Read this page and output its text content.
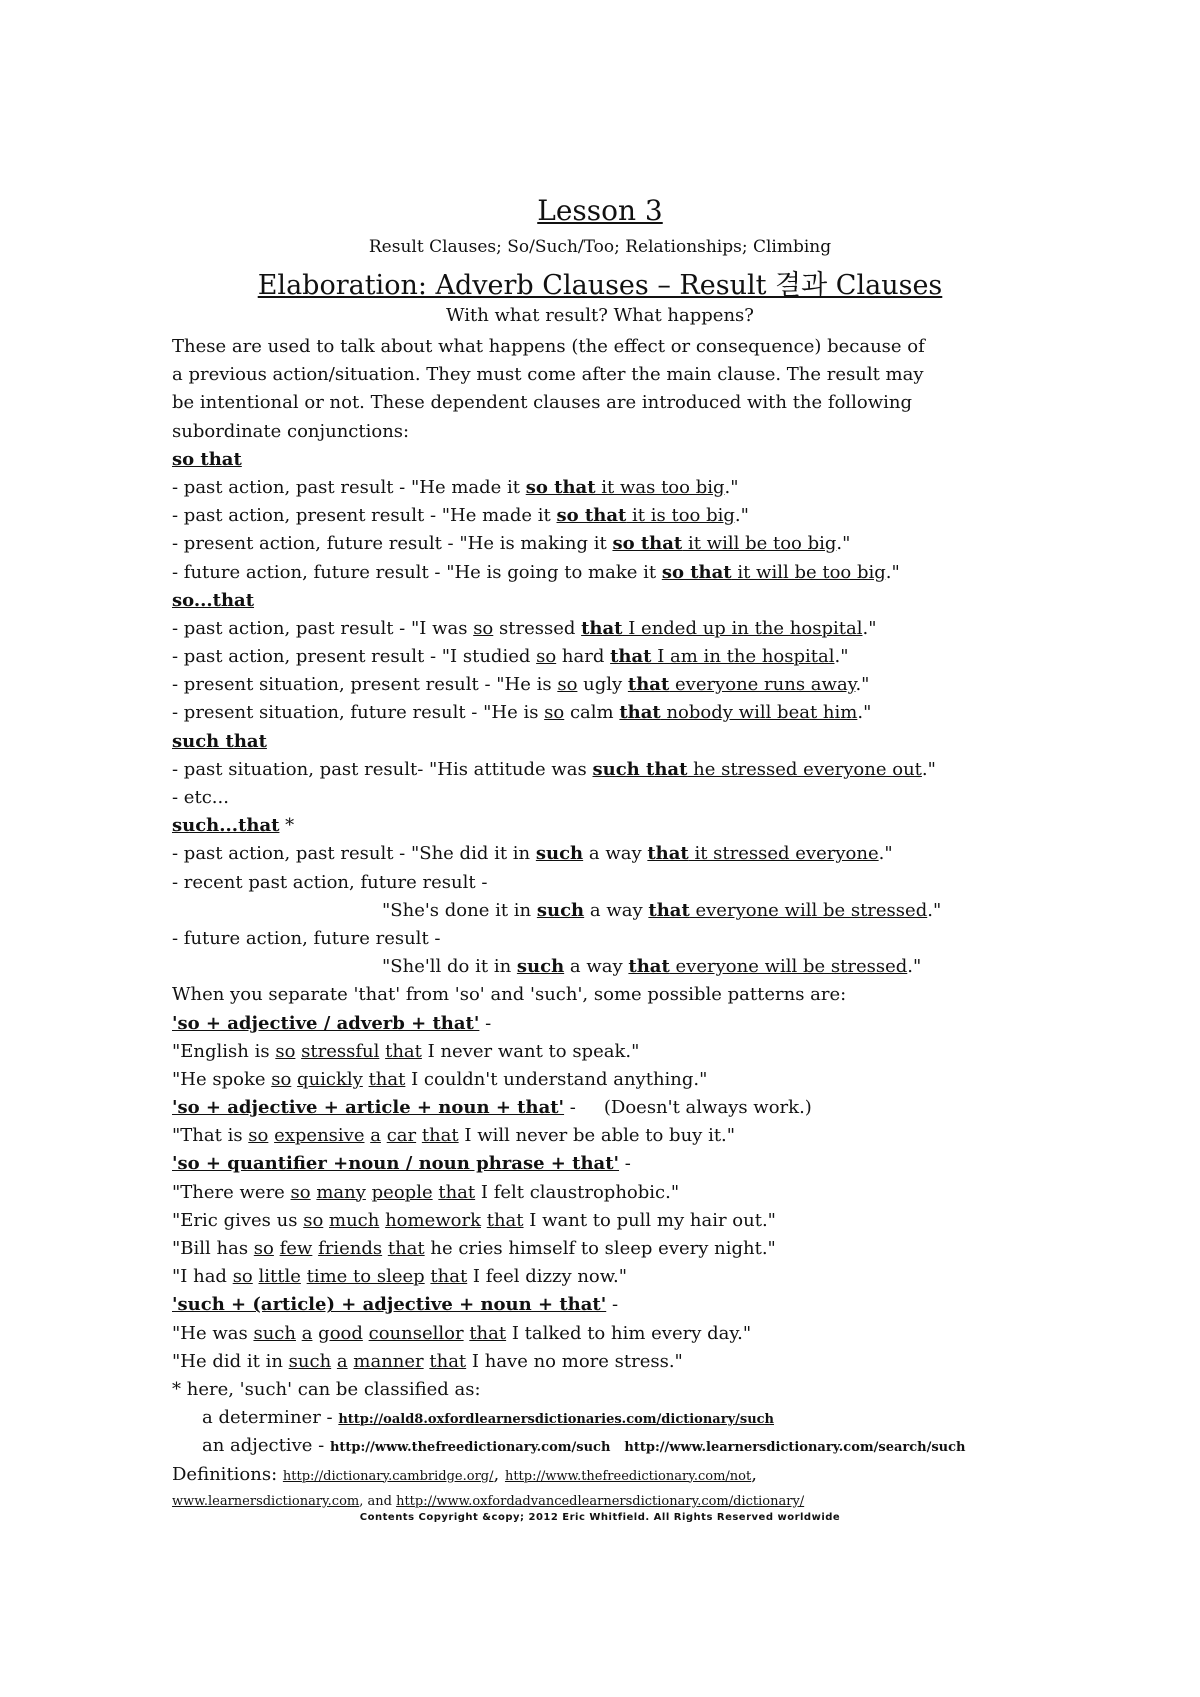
Lesson 3
Result Clauses; So/Such/Too; Relationships; Climbing
Elaboration: Adverb Clauses – Result 결과 Clauses
With what result? What happens?
These are used to talk about what happens (the effect or consequence) because of
a previous action/situation. They must come after the main clause. The result may
be intentional or not. These dependent clauses are introduced with the following
subordinate conjunctions:
so that
- past action, past result - "He made it so that it was too big."
- past action, present result - "He made it so that it is too big."
- present action, future result - "He is making it so that it will be too big."
- future action, future result - "He is going to make it so that it will be too big."
so...that
- past action, past result - "I was so stressed that I ended up in the hospital."
- past action, present result - "I studied so hard that I am in the hospital."
- present situation, present result - "He is so ugly that everyone runs away."
- present situation, future result - "He is so calm that nobody will beat him."
such that
- past situation, past result- "His attitude was such that he stressed everyone out."
- etc...
such...that *
- past action, past result - "She did it in such a way that it stressed everyone."
- recent past action, future result -
"She's done it in such a way that everyone will be stressed."
- future action, future result -
"She'll do it in such a way that everyone will be stressed."
When you separate 'that' from 'so' and 'such', some possible patterns are:
'so + adjective / adverb + that' -
"English is so stressful that I never want to speak."
"He spoke so quickly that I couldn't understand anything."
'so + adjective + article + noun + that' - (Doesn't always work.)
"That is so expensive a car that I will never be able to buy it."
'so + quantifier +noun / noun phrase + that' -
"There were so many people that I felt claustrophobic."
"Eric gives us so much homework that I want to pull my hair out."
"Bill has so few friends that he cries himself to sleep every night."
"I had so little time to sleep that I feel dizzy now."
'such + (article) + adjective + noun + that' -
"He was such a good counsellor that I talked to him every day."
"He did it in such a manner that I have no more stress."
* here, 'such' can be classified as:
a determiner - http://oald8.oxfordlearnersdictionaries.com/dictionary/such
an adjective - http://www.thefreedictionary.com/such http://www.learnersdictionary.com/search/such
Definitions: http://dictionary.cambridge.org/, http://www.thefreedictionary.com/not,
www.learnersdictionary.com, and http://www.oxfordadvancedlearnersdictionary.com/dictionary/
Contents Copyright &copy; 2012 Eric Whitfield. All Rights Reserved worldwide
